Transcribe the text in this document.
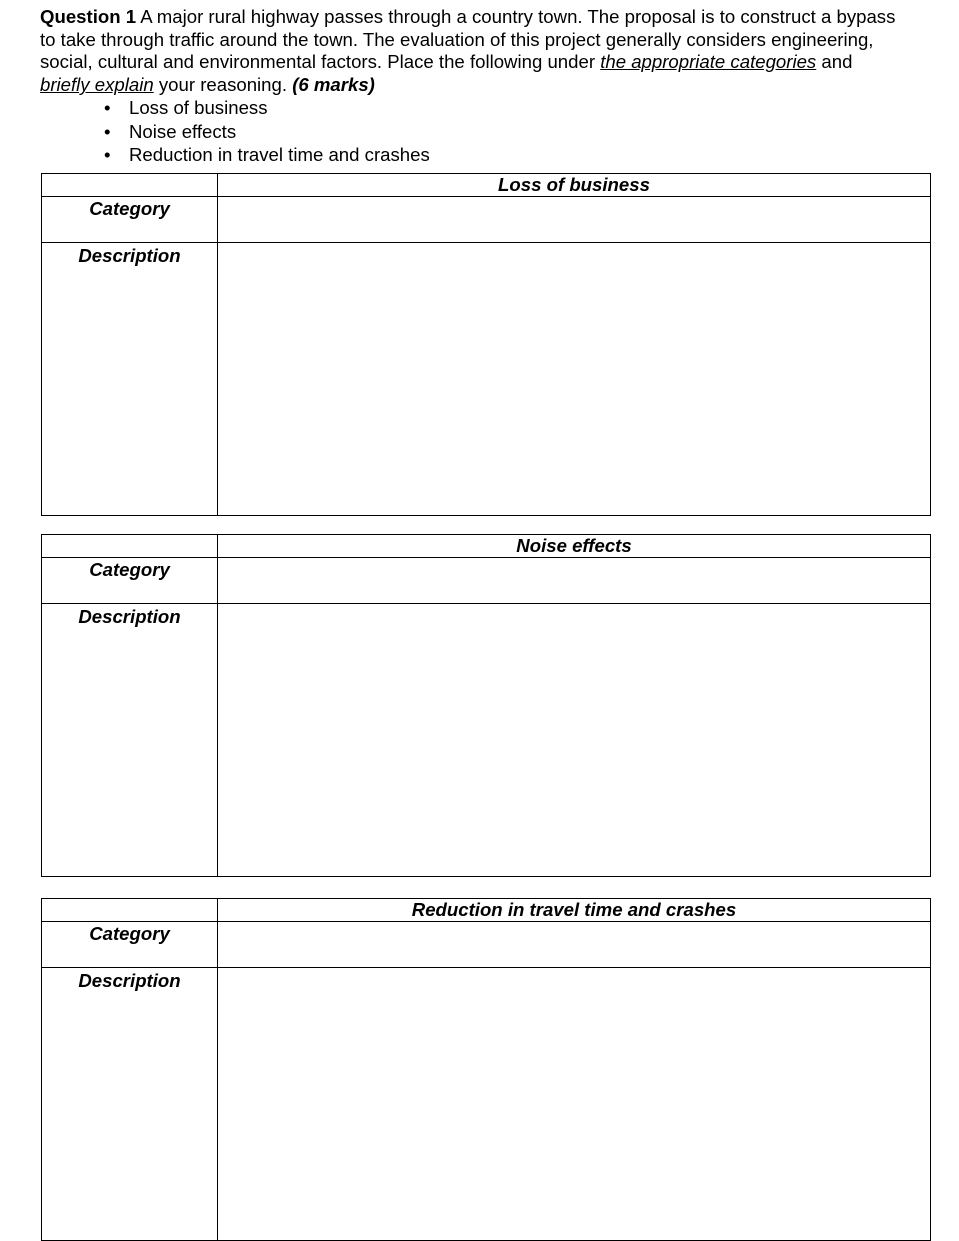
Question 1 A major rural highway passes through a country town. The proposal is to construct a bypass to take through traffic around the town. The evaluation of this project generally considers engineering, social, cultural and environmental factors. Place the following under the appropriate categories and briefly explain your reasoning. (6 marks)

• Loss of business
• Noise effects
• Reduction in travel time and crashes
	Loss of business
Category	
Description	
	Noise effects
Category	
Description	
	Reduction in travel time and crashes
Category	
Description	
